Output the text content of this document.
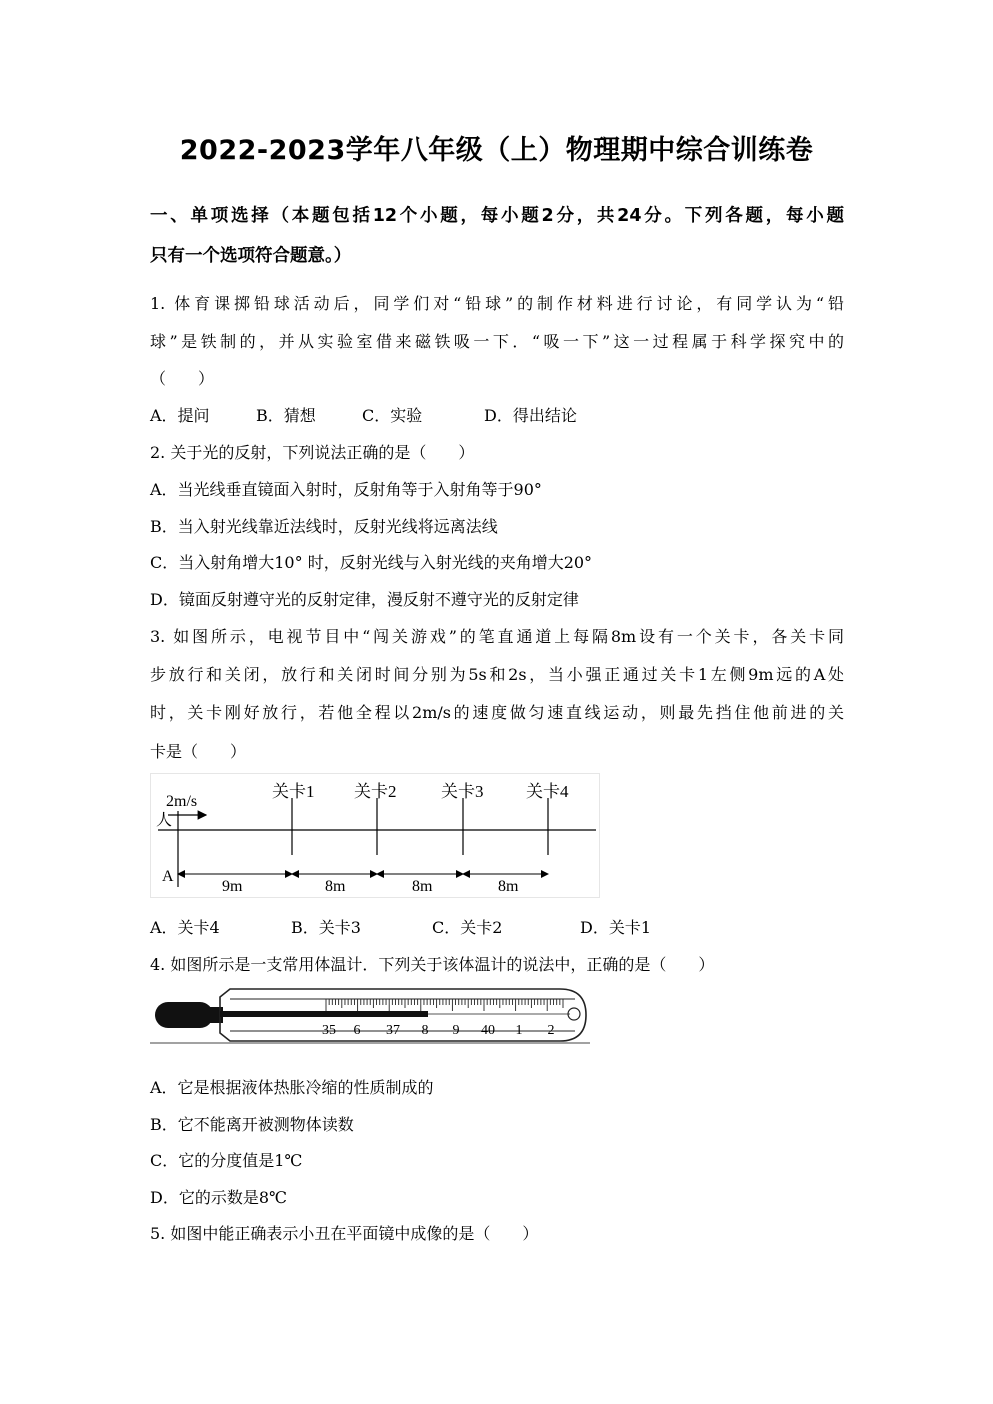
2022-2023学年八年级（上）物理期中综合训练卷
一、单项选择（本题包括12个小题，每小题2分，共24分。下列各题，每小题
只有一个选项符合题意。）
1. 体育课掷铅球活动后，同学们对“铅球”的制作材料进行讨论，有同学认为“铅
球”是铁制的，并从实验室借来磁铁吸一下．“吸一下”这一过程属于科学探究中的
（　　）
A．提问	B．猜想	C．实验	D．得出结论
2. 关于光的反射，下列说法正确的是（　　）
A．当光线垂直镜面入射时，反射角等于入射角等于90°
B．当入射光线靠近法线时，反射光线将远离法线
C．当入射角增大10° 时，反射光线与入射光线的夹角增大20°
D．镜面反射遵守光的反射定律，漫反射不遵守光的反射定律
3. 如图所示，电视节目中“闯关游戏”的笔直通道上每隔8m设有一个关卡，各关卡同
步放行和关闭，放行和关闭时间分别为5s和2s，当小强正通过关卡1左侧9m远的A处
时，关卡刚好放行，若他全程以2m/s的速度做匀速直线运动，则最先挡住他前进的关
卡是（　　）
2m/s
人
A
关卡1 关卡2	关卡3	关卡4
9m	8m	8m	8m
A．关卡4	B．关卡3	C．关卡2	D．关卡1
4. 如图所示是一支常用体温计．下列关于该体温计的说法中，正确的是（　　）
35 6 37 8 9 40 1 2
A．它是根据液体热胀冷缩的性质制成的
B．它不能离开被测物体读数
C．它的分度值是1℃
D．它的示数是8℃
5. 如图中能正确表示小丑在平面镜中成像的是（　　）
